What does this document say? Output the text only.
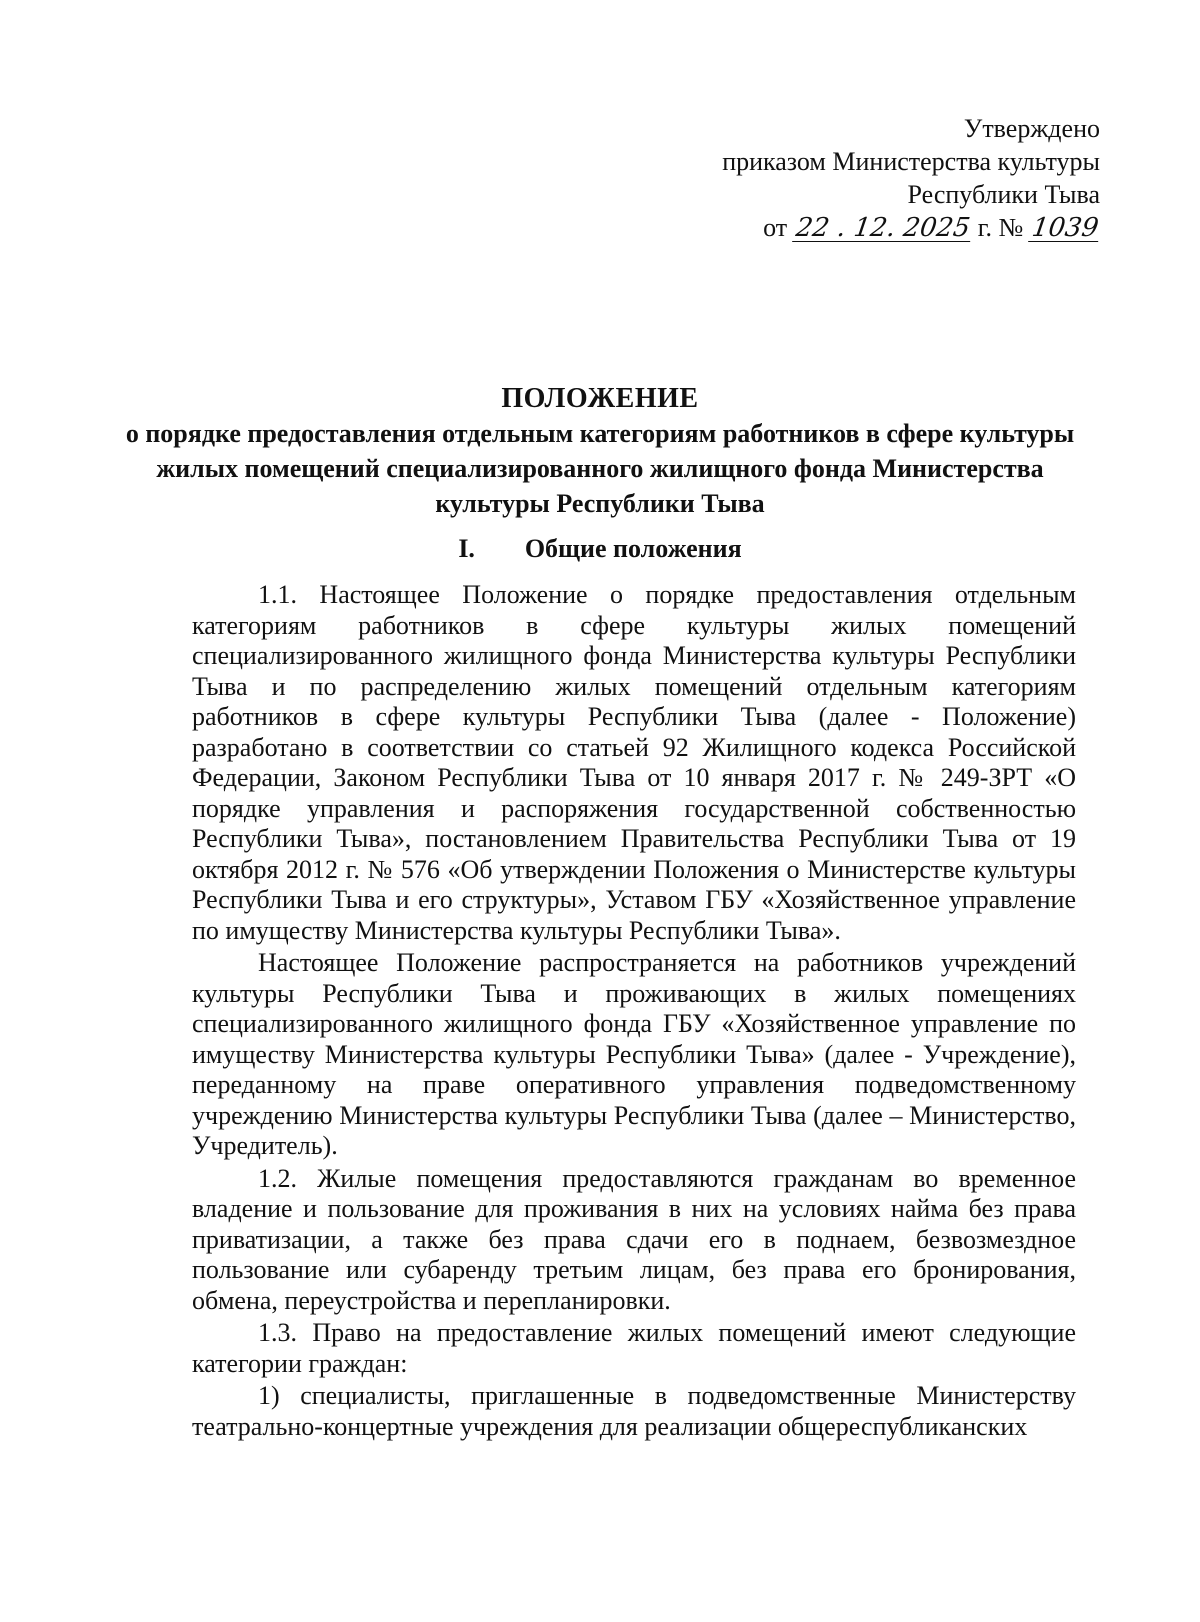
Утверждено
приказом Министерства культуры
Республики Тыва
от 22 . 12. 2025 г. № 1039
ПОЛОЖЕНИЕ

о порядке предоставления отдельным категориям работников в сфере культуры жилых помещений специализированного жилищного фонда Министерства культуры Республики Тыва

I. Общие положения

1.1. Настоящее Положение о порядке предоставления отдельным категориям работников в сфере культуры жилых помещений специализированного жилищного фонда Министерства культуры Республики Тыва и по распределению жилых помещений отдельным категориям работников в сфере культуры Республики Тыва (далее - Положение) разработано в соответствии со статьей 92 Жилищного кодекса Российской Федерации, Законом Республики Тыва от 10 января 2017 г. № 249-ЗРТ «О порядке управления и распоряжения государственной собственностью Республики Тыва», постановлением Правительства Республики Тыва от 19 октября 2012 г. № 576 «Об утверждении Положения о Министерстве культуры Республики Тыва и его структуры», Уставом ГБУ «Хозяйственное управление по имуществу Министерства культуры Республики Тыва».

Настоящее Положение распространяется на работников учреждений культуры Республики Тыва и проживающих в жилых помещениях специализированного жилищного фонда ГБУ «Хозяйственное управление по имуществу Министерства культуры Республики Тыва» (далее - Учреждение), переданному на праве оперативного управления подведомственному учреждению Министерства культуры Республики Тыва (далее – Министерство, Учредитель).

1.2. Жилые помещения предоставляются гражданам во временное владение и пользование для проживания в них на условиях найма без права приватизации, а также без права сдачи его в поднаем, безвозмездное пользование или субаренду третьим лицам, без права его бронирования, обмена, переустройства и перепланировки.

1.3. Право на предоставление жилых помещений имеют следующие категории граждан:

1) специалисты, приглашенные в подведомственные Министерству театрально-концертные учреждения для реализации общереспубликанских
